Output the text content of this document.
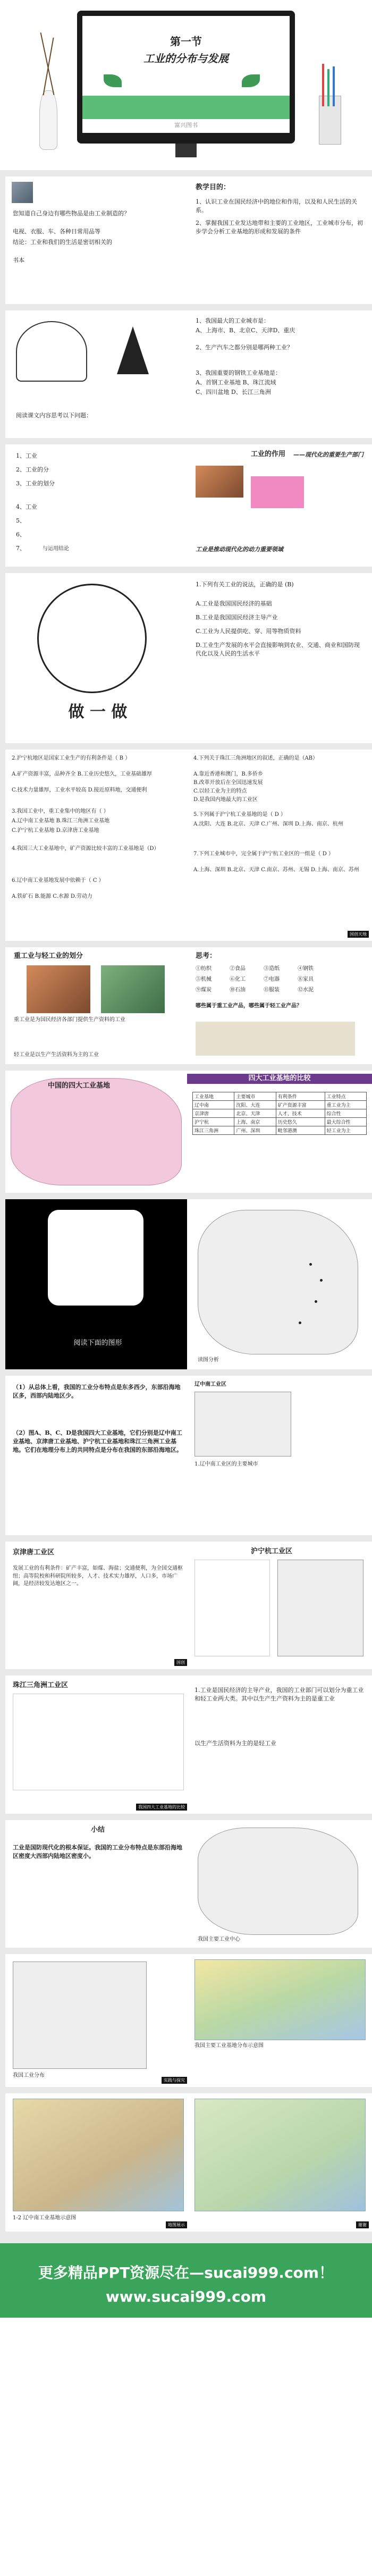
第一节
工业的分布与发展
富兴图书
您知道自己身边有哪些物品是由工业制造的？
电视、衣服、车、各种日常用品等
结论：工业和我们的生活是密切相关的
书本
教学目的：
1、认识工业在国民经济中的地位和作用，以及和人民生活的关系。
2、掌握我国工业发达地带和主要的工业地区，工业城市分布，初步学会分析工业基地的形成和发展的条件
阅读课文内容思考以下问题：
1、我国最大的工业城市是：
A、上海市、B、北京C、天津D、重庆
2、生产汽车之都分别是哪两种工业？
3、我国重要的钢铁工业基地是：
A、首钢工业基地 B、珠江流域
C、四川盆地 D、长江三角洲
1、工业
2、工业的分
3、工业的划分
4、工业
5、
6、
7、	与运用结论
工业的作用 ——现代化的重要生产部门
工业是推动现代化的动力重要领域
做 一 做
1.下列有关工业的说法，正确的是 (B)
A.工业是我国国民经济的基础
B.工业是我国国民经济主导产业
C.工业为人民提供吃、穿、用等物质资料
D.工业生产发展的水平会直接影响到农业、交通、商业和国防现代化以及人民的生活水平
2.沪宁杭地区是国家工业生产的有利条件是（ B ）
A.矿产资源丰富，品种齐全 B.工业历史悠久，工业基础雄厚
C.技术力量雄厚，工业水平较高 D.接近原料地，交通便利
3.我国工业中，重工业集中的地区有（ ）
A.辽中南工业基地 B.珠江三角洲工业基地
C.沪宁杭工业基地 D.京津唐工业基地
4.我国三大工业基地中，矿产资源比较丰富的工业基地是（D）
6.辽中南工业基地发展中依赖于（ C ）
A.铁矿石 B.能源 C.水源 D.劳动力
4.下列关于珠江三角洲地区的叙述，正确的是（AB）
A.靠近香港和澳门，B.多侨乡
B.改革开放后在全国迅速发展
C.以轻工业为主的特点
D.是我国内地最大的工业区
5.下列属于沪宁杭工业基地的是（ D ）
A.沈阳、大连 B.北京、天津 C.广州、深圳 D.上海、南京、杭州
7.下列工业城市中，完全属于沪宁杭工业区的一组是（ D ）
A.上海、深圳 B.北京、天津 C.南京、苏州、无锡 D.上海、南京、苏州
国创天地
重工业与轻工业的划分
重工业是为国民经济各部门提供生产资料的工业
轻工业是以生产生活资料为主的工业
思考：
①纺织	②食品	③造纸	④钢铁
⑤机械	⑥化工	⑦电器	⑧家具
⑨煤炭	⑩石油	⑪服装	⑫水泥
哪些属于重工业产品，哪些属于轻工业产品？
中国的四大工业基地
四大工业基地的比较
工业基地	主要城市	有利条件	工业特点
辽中南	沈阳、大连	矿产资源丰富	重工业为主
京津唐	北京、天津	人才、技术	综合性
沪宁杭	上海、南京	历史悠久	最大综合性
珠江三角洲	广州、深圳	毗邻港澳	轻工业为主
阅读下面的图形
读图分析
（1）从总体上看，我国的工业分布特点是东多西少，东部沿海地区多，西部内陆地区少。
（2）图A、B、C、D是我国四大工业基地，它们分别是辽中南工业基地、京津唐工业基地、沪宁杭工业基地和珠江三角洲工业基地。它们在地理分布上的共同特点是分布在我国的东部沿海地区。
辽中南工业区
1.辽中南工业区的主要城市
京津唐工业区
发展工业的有利条件：矿产丰富，如煤、海盐；交通便利，为全国交通枢纽；高等院校和科研院所较多，人才、技术实力雄厚，人口多，市场广阔，是经济较发达地区之一。
国创
沪宁杭工业区
珠江三角洲工业区
我国四大工业基地的比较
1.工业是国民经济的主导产业，我国的工业部门可以划分为重工业和轻工业两大类。其中以生产生产资料为主的是重工业
以生产生活资料为主的是轻工业
小结
工业是国防现代化的根本保证。我国的工业分布特点是东部沿海地区密度大西部内陆地区密度小。
我国主要工业中心
我国工业分布
实践与探究
我国主要工业基地分布示意图
1-2 辽中南工业基地示意图
地图展示	谢谢
更多精品PPT资源尽在—sucai999.com！
www.sucai999.com
